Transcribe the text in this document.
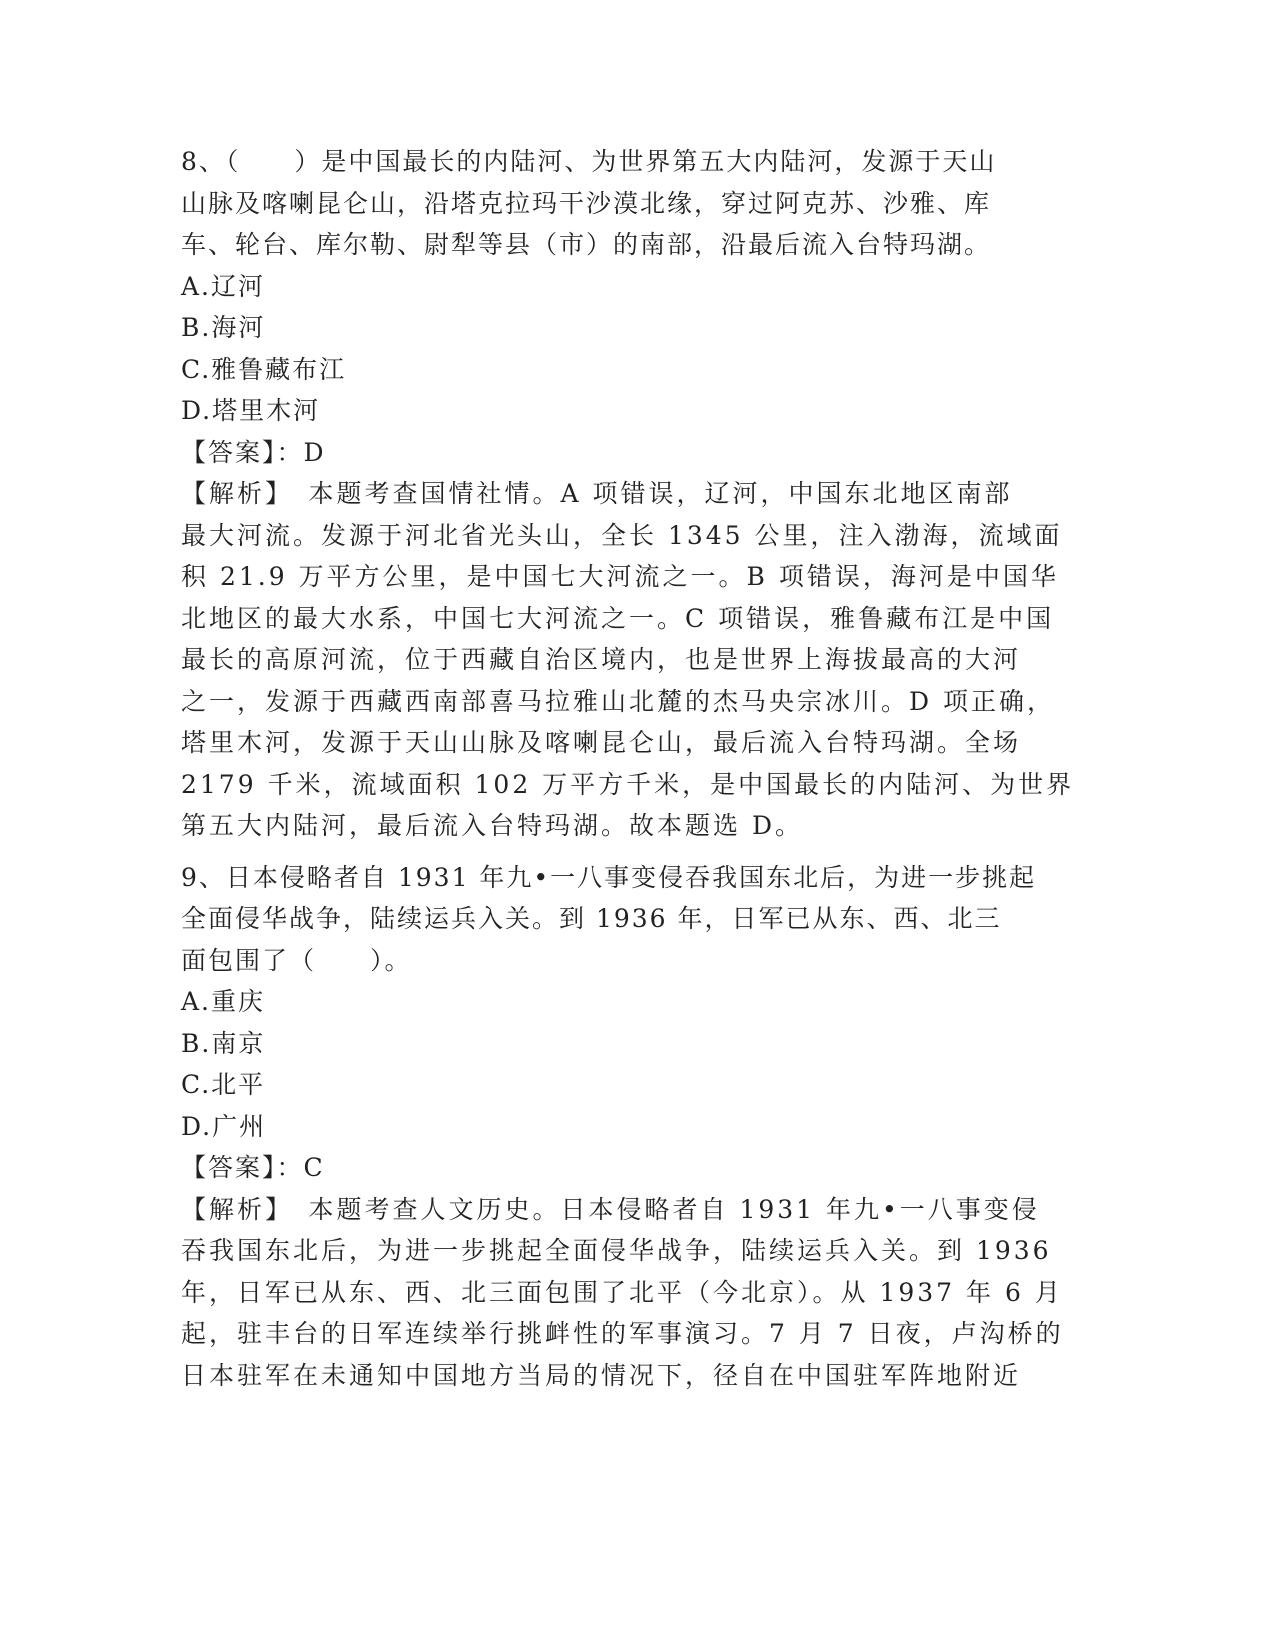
8、（　　）是中国最长的内陆河、为世界第五大内陆河，发源于天山
山脉及喀喇昆仑山，沿塔克拉玛干沙漠北缘，穿过阿克苏、沙雅、库
车、轮台、库尔勒、尉犁等县（市）的南部，沿最后流入台特玛湖。
A.辽河
B.海河
C.雅鲁藏布江
D.塔里木河
【答案】：D
【解析】　本题考查国情社情。A 项错误，辽河，中国东北地区南部
最大河流。发源于河北省光头山，全长 1345 公里，注入渤海，流域面
积 21.9 万平方公里，是中国七大河流之一。B 项错误，海河是中国华
北地区的最大水系，中国七大河流之一。C 项错误，雅鲁藏布江是中国
最长的高原河流，位于西藏自治区境内，也是世界上海拔最高的大河
之一，发源于西藏西南部喜马拉雅山北麓的杰马央宗冰川。D 项正确，
塔里木河，发源于天山山脉及喀喇昆仑山，最后流入台特玛湖。全场
2179 千米，流域面积 102 万平方千米，是中国最长的内陆河、为世界
第五大内陆河，最后流入台特玛湖。故本题选 D。
9、日本侵略者自 1931 年九•一八事变侵吞我国东北后，为进一步挑起
全面侵华战争，陆续运兵入关。到 1936 年，日军已从东、西、北三
面包围了（　　）。
A.重庆
B.南京
C.北平
D.广州
【答案】：C
【解析】　本题考查人文历史。日本侵略者自 1931 年九•一八事变侵
吞我国东北后，为进一步挑起全面侵华战争，陆续运兵入关。到 1936
年，日军已从东、西、北三面包围了北平（今北京）。从 1937 年 6 月
起，驻丰台的日军连续举行挑衅性的军事演习。7 月 7 日夜，卢沟桥的
日本驻军在未通知中国地方当局的情况下，径自在中国驻军阵地附近
